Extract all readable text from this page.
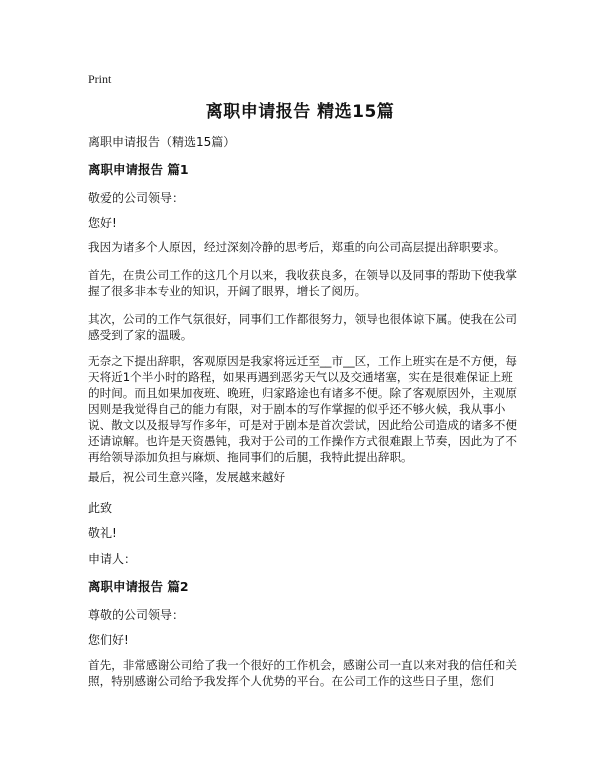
Print
离职申请报告 精选15篇
离职申请报告（精选15篇）
离职申请报告 篇1
敬爱的公司领导：
您好!
我因为诸多个人原因，经过深刻冷静的思考后，郑重的向公司高层提出辞职要求。
首先，在贵公司工作的这几个月以来，我收获良多，在领导以及同事的帮助下使我掌握了很多非本专业的知识，开阔了眼界，增长了阅历。
其次，公司的工作气氛很好，同事们工作都很努力，领导也很体谅下属。使我在公司感受到了家的温暖。
无奈之下提出辞职，客观原因是我家将远迁至__市__区，工作上班实在是不方便，每天将近1个半小时的路程，如果再遇到恶劣天气以及交通堵塞，实在是很难保证上班的时间。而且如果加夜班、晚班，归家路途也有诸多不便。除了客观原因外，主观原因则是我觉得自己的能力有限，对于剧本的写作掌握的似乎还不够火候，我从事小说、散文以及报导写作多年，可是对于剧本是首次尝试，因此给公司造成的诸多不便还请谅解。也许是天资愚钝，我对于公司的工作操作方式很难跟上节奏，因此为了不再给领导添加负担与麻烦、拖同事们的后腿，我特此提出辞职。
最后，祝公司生意兴隆，发展越来越好
此致
敬礼!
申请人：
离职申请报告 篇2
尊敬的公司领导：
您们好!
首先，非常感谢公司给了我一个很好的工作机会，感谢公司一直以来对我的信任和关照，特别感谢公司给予我发挥个人优势的平台。在公司工作的这些日子里，您们
